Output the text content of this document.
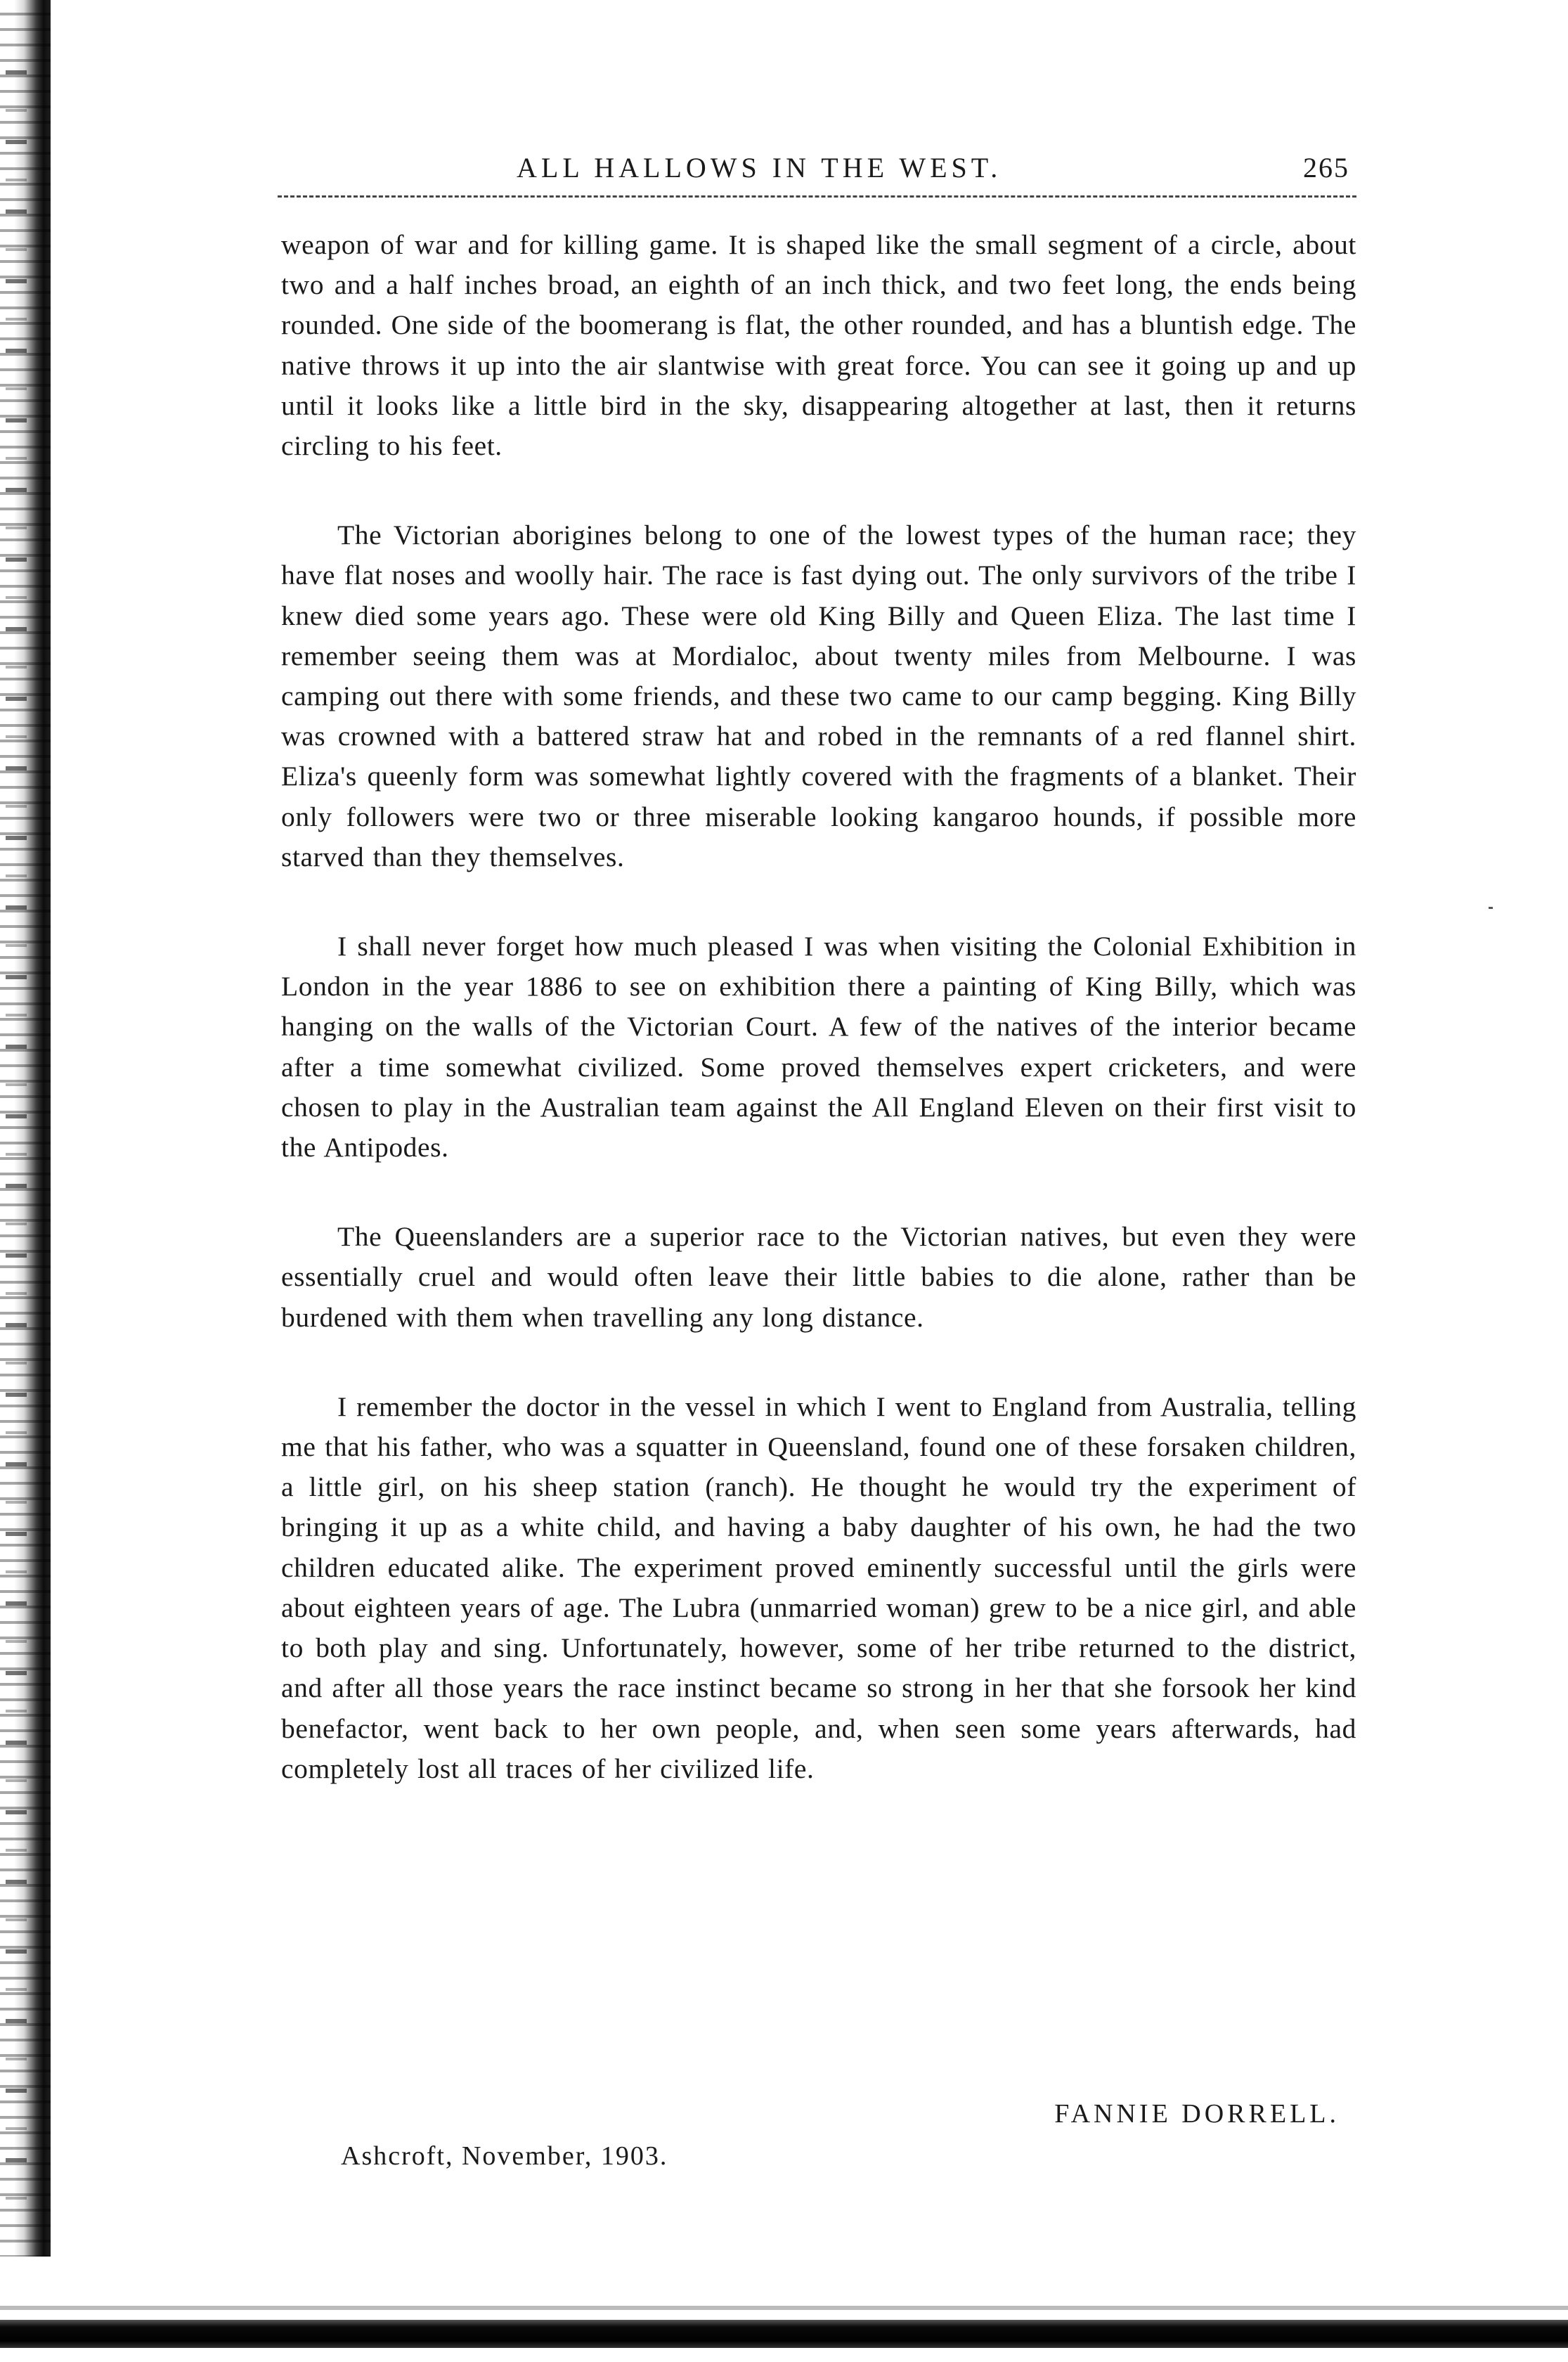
ALL HALLOWS IN THE WEST.	265

weapon of war and for killing game. It is shaped like the small segment of a circle, about two and a half inches broad, an eighth of an inch thick, and two feet long, the ends being rounded. One side of the boomerang is flat, the other rounded, and has a bluntish edge. The native throws it up into the air slantwise with great force. You can see it going up and up until it looks like a little bird in the sky, disappearing altogether at last, then it returns circling to his feet.

The Victorian aborigines belong to one of the lowest types of the human race; they have flat noses and woolly hair. The race is fast dying out. The only survivors of the tribe I knew died some years ago. These were old King Billy and Queen Eliza. The last time I remember seeing them was at Mordialoc, about twenty miles from Melbourne. I was camping out there with some friends, and these two came to our camp begging. King Billy was crowned with a battered straw hat and robed in the remnants of a red flannel shirt. Eliza's queenly form was somewhat lightly covered with the fragments of a blanket. Their only followers were two or three miserable looking kangaroo hounds, if possible more starved than they themselves.

I shall never forget how much pleased I was when visiting the Colonial Exhibition in London in the year 1886 to see on exhibition there a painting of King Billy, which was hanging on the walls of the Victorian Court. A few of the natives of the interior became after a time somewhat civilized. Some proved themselves expert cricketers, and were chosen to play in the Australian team against the All England Eleven on their first visit to the Antipodes.

The Queenslanders are a superior race to the Victorian natives, but even they were essentially cruel and would often leave their little babies to die alone, rather than be burdened with them when travelling any long distance.

I remember the doctor in the vessel in which I went to England from Australia, telling me that his father, who was a squatter in Queensland, found one of these forsaken children, a little girl, on his sheep station (ranch). He thought he would try the experiment of bringing it up as a white child, and having a baby daughter of his own, he had the two children educated alike. The experiment proved eminently successful until the girls were about eighteen years of age. The Lubra (unmarried woman) grew to be a nice girl, and able to both play and sing. Unfortunately, however, some of her tribe returned to the district, and after all those years the race instinct became so strong in her that she forsook her kind benefactor, went back to her own people, and, when seen some years afterwards, had completely lost all traces of her civilized life.

FANNIE DORRELL.
Ashcroft, November, 1903.
